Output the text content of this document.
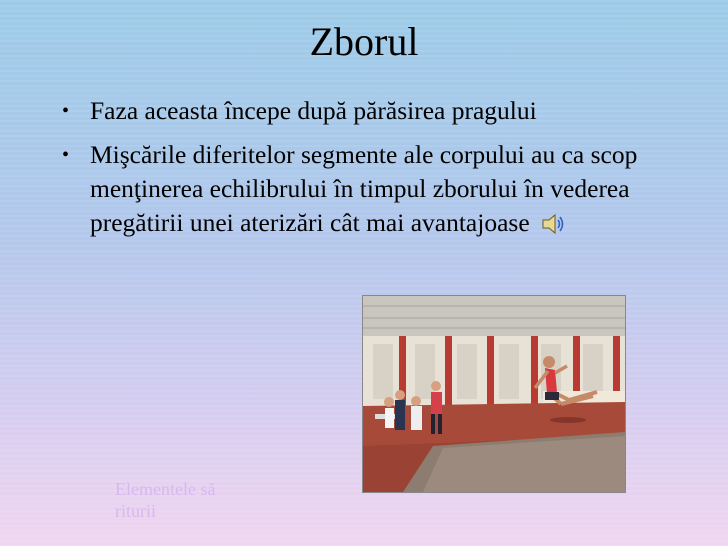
Zborul
• Faza aceasta începe după părăsirea pragului
• Mişcările diferitelor segmente ale corpului au ca scop menţinerea echilibrului în timpul zborului în vederea pregătirii unei aterizări cât mai avantajoase
Elementele să
riturii
